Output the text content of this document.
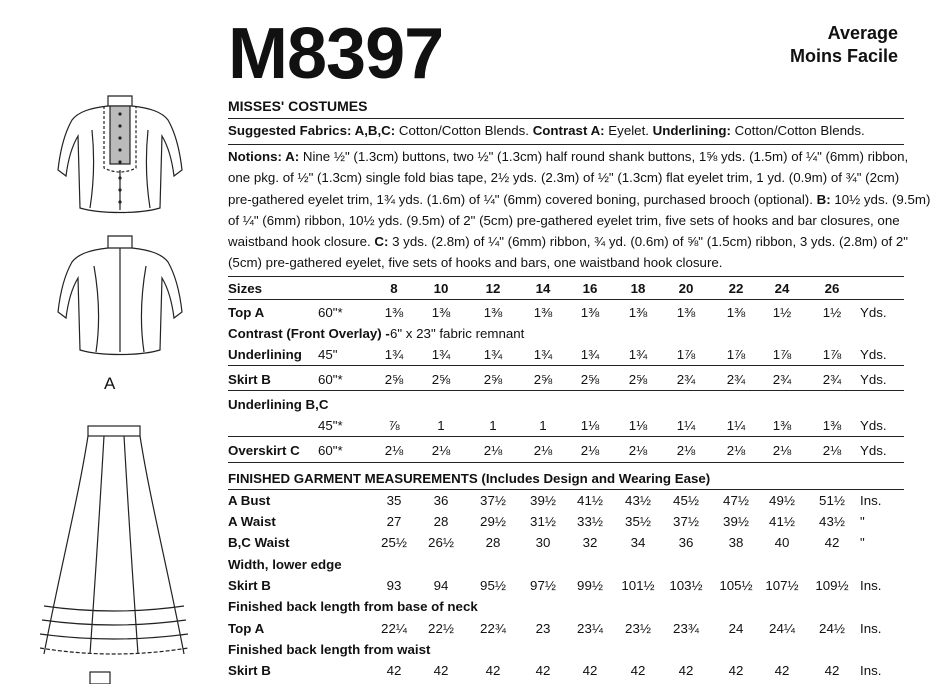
A
M8397	Average
Moins Facile
MISSES' COSTUMES
Suggested Fabrics: A,B,C: Cotton/Cotton Blends. Contrast A: Eyelet. Underlining: Cotton/Cotton Blends.
Notions: A: Nine ½" (1.3cm) buttons, two ½" (1.3cm) half round shank buttons, 1⅝ yds. (1.5m) of ¼" (6mm) ribbon,
one pkg. of ½" (1.3cm) single fold bias tape, 2½ yds. (2.3m) of ½" (1.3cm) flat eyelet trim, 1 yd. (0.9m) of ¾" (2cm)
pre-gathered eyelet trim, 1¾ yds. (1.6m) of ¼" (6mm) covered boning, purchased brooch (optional). B: 10½ yds. (9.5m)
of ¼" (6mm) ribbon, 10½ yds. (9.5m) of 2" (5cm) pre-gathered eyelet trim, five sets of hooks and bar closures, one
waistband hook closure. C: 3 yds. (2.8m) of ¼" (6mm) ribbon, ¾ yd. (0.6m) of ⅝" (1.5cm) ribbon, 3 yds. (2.8m) of 2"
(5cm) pre-gathered eyelet, five sets of hooks and bars, one waistband hook closure.
Sizes	8	10	12	14	16	18	20	22	24	26
Top A	60"*	1⅜	1⅜	1⅜	1⅜	1⅜	1⅜	1⅜	1⅜	1½	1½	Yds.
Contrast (Front Overlay) - 6" x 23" fabric remnant
Underlining 45"	1¾	1¾	1¾	1¾	1¾	1¾	1⅞	1⅞	1⅞	1⅞	Yds.
Skirt B	60"*	2⅝	2⅝	2⅝	2⅝	2⅝	2⅝	2¾	2¾	2¾	2¾	Yds.
Underlining B,C
45"*	⅞	1	1	1	1⅛	1⅛	1¼	1¼	1⅜	1⅜	Yds.
Overskirt C 60"*	2⅛	2⅛	2⅛	2⅛	2⅛	2⅛	2⅛	2⅛	2⅛	2⅛	Yds.
FINISHED GARMENT MEASUREMENTS (Includes Design and Wearing Ease)
A Bust	35	36	37½	39½	41½	43½	45½	47½	49½	51½	Ins.
A Waist	27	28	29½	31½	33½	35½	37½	39½	41½	43½	"
B,C Waist	25½	26½	28	30	32	34	36	38	40	42	"
Width, lower edge
Skirt B	93	94	95½	97½	99½	101½ 103½ 105½ 107½ 109½ Ins.
Finished back length from base of neck
Top A	22¼	22½	22¾	23	23¼	23½	23¾	24	24¼	24½	Ins.
Finished back length from waist
Skirt B	42	42	42	42	42	42	42	42	42	42	Ins.
